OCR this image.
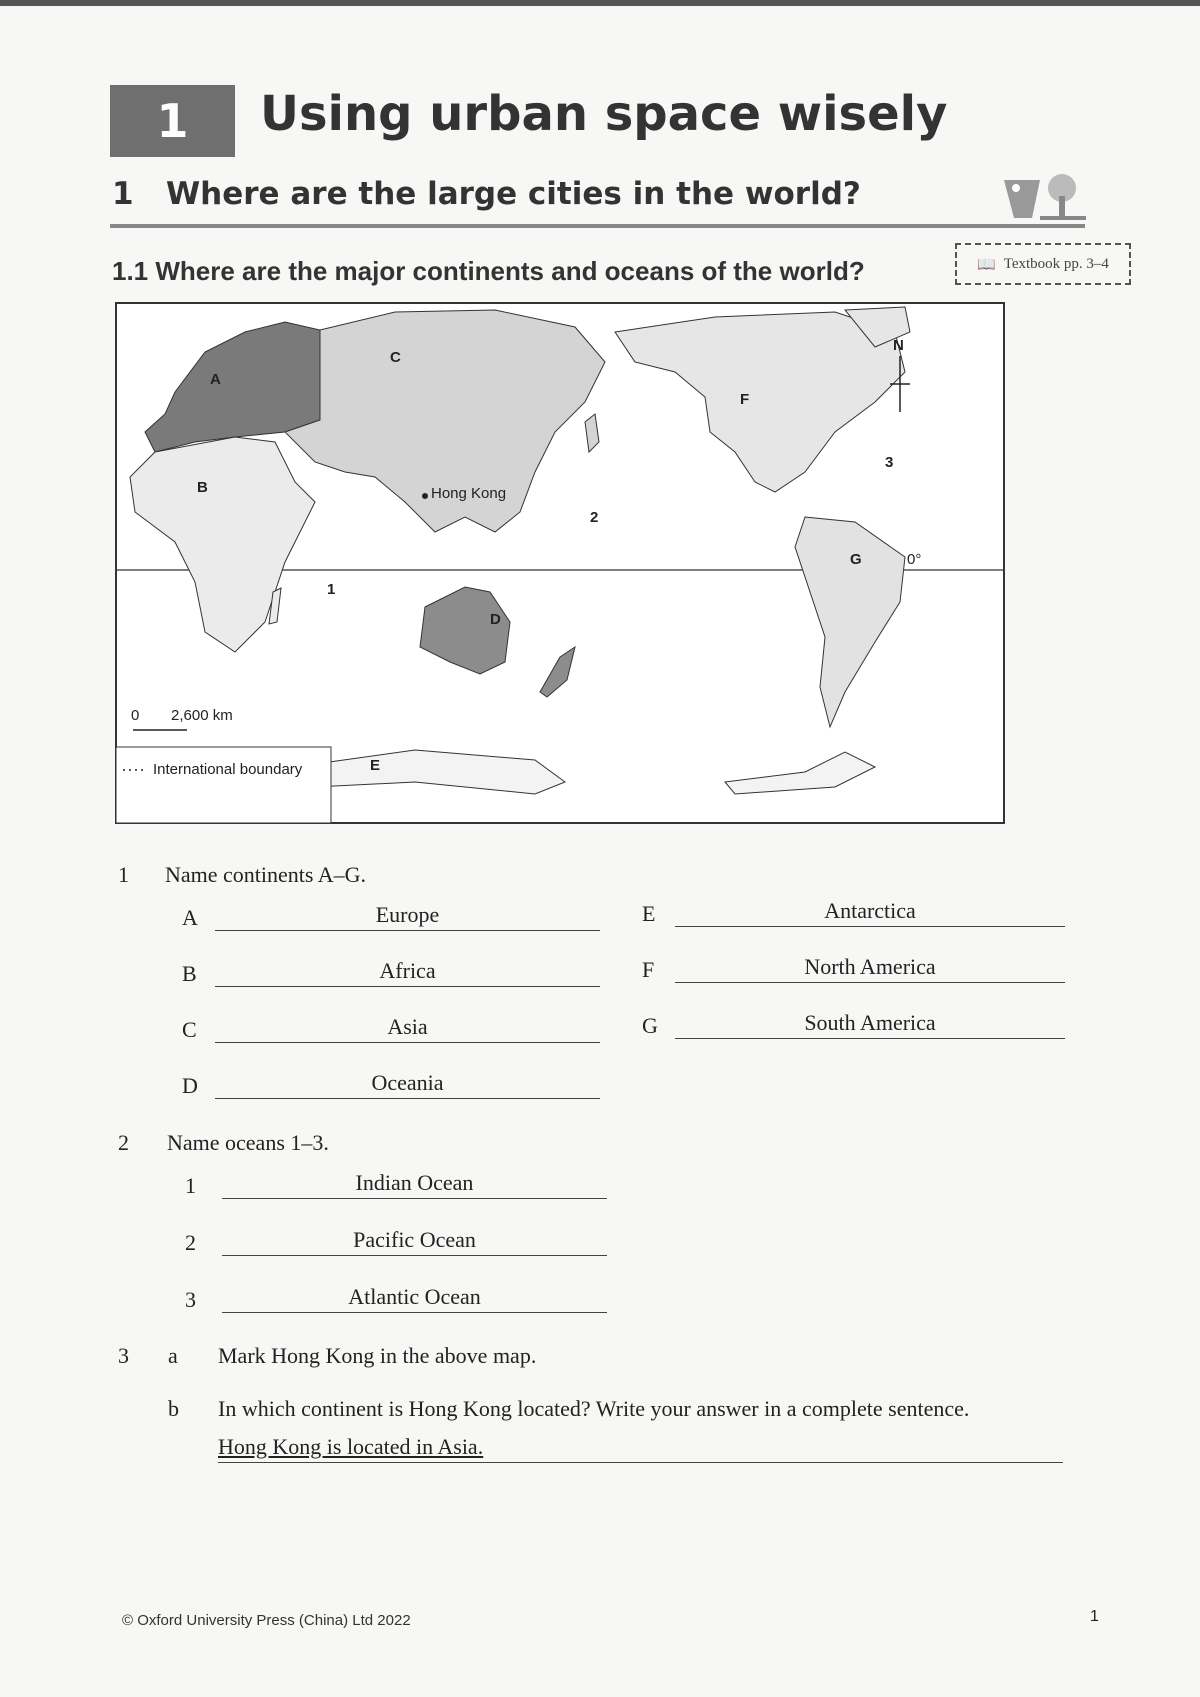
1	Using urban space wisely
1 Where are the large cities in the world?
1.1 Where are the major continents and oceans of the world?	📖 Textbook pp. 3–4
A
B
C
D
E
F
G
1
2
3
Hong Kong
N
0°
0 2,600 km
International boundary
1 Name continents A–G.
A	Europe
B	Africa
C	Asia
D	Oceania
E	Antarctica
F	North America
G	South America
2 Name oceans 1–3.
1	Indian Ocean
2	Pacific Ocean
3	Atlantic Ocean
3 a Mark Hong Kong in the above map.
b In which continent is Hong Kong located? Write your answer in a complete sentence.
Hong Kong is located in Asia.
© Oxford University Press (China) Ltd 2022	1
